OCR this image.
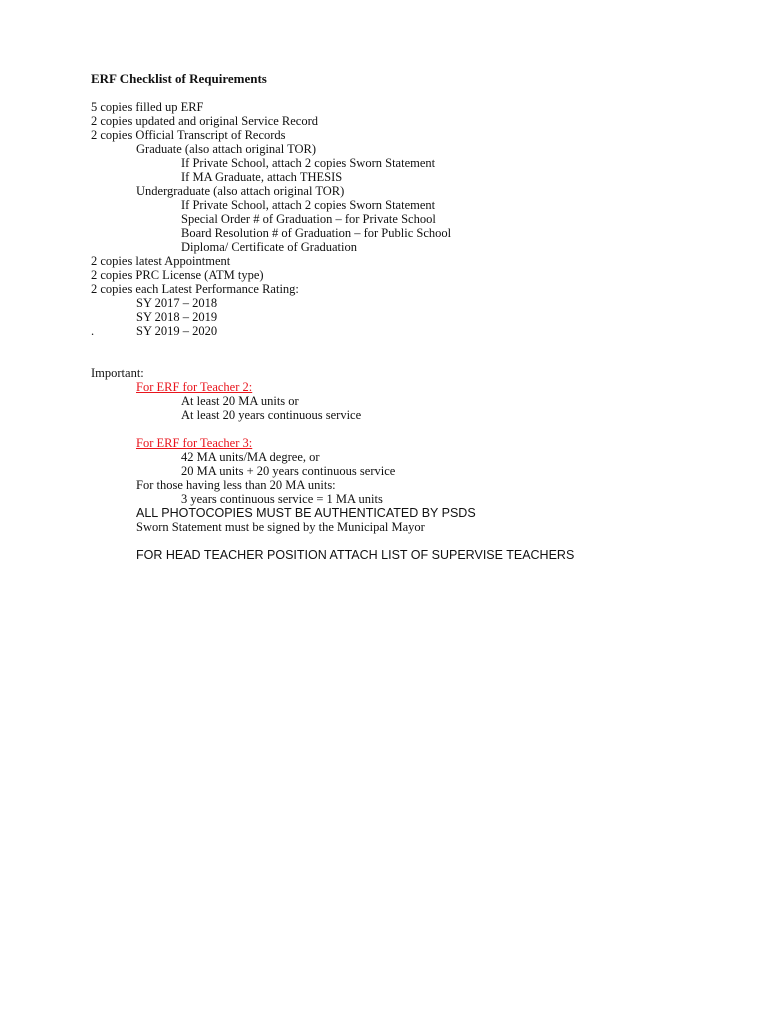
ERF Checklist of Requirements
5 copies filled up ERF
2 copies updated and original Service Record
2 copies Official Transcript of Records
Graduate (also attach original TOR)
If Private School, attach 2 copies Sworn Statement
If MA Graduate, attach THESIS
Undergraduate (also attach original TOR)
If Private School, attach 2 copies Sworn Statement
Special Order # of Graduation – for Private School
Board Resolution # of Graduation – for Public School
Diploma/ Certificate of Graduation
2 copies latest Appointment
2 copies PRC License (ATM type)
2 copies each Latest Performance Rating:
SY 2017 – 2018
SY 2018 – 2019
.	SY 2019 – 2020
Important:
For ERF for Teacher 2:
At least 20 MA units or
At least 20 years continuous service
For ERF for Teacher 3:
42 MA units/MA degree, or
20 MA units + 20 years continuous service
For those having less than 20 MA units:
3 years continuous service = 1 MA units
ALL PHOTOCOPIES MUST BE AUTHENTICATED BY PSDS
Sworn Statement must be signed by the Municipal Mayor
FOR HEAD TEACHER POSITION ATTACH LIST OF SUPERVISE TEACHERS
